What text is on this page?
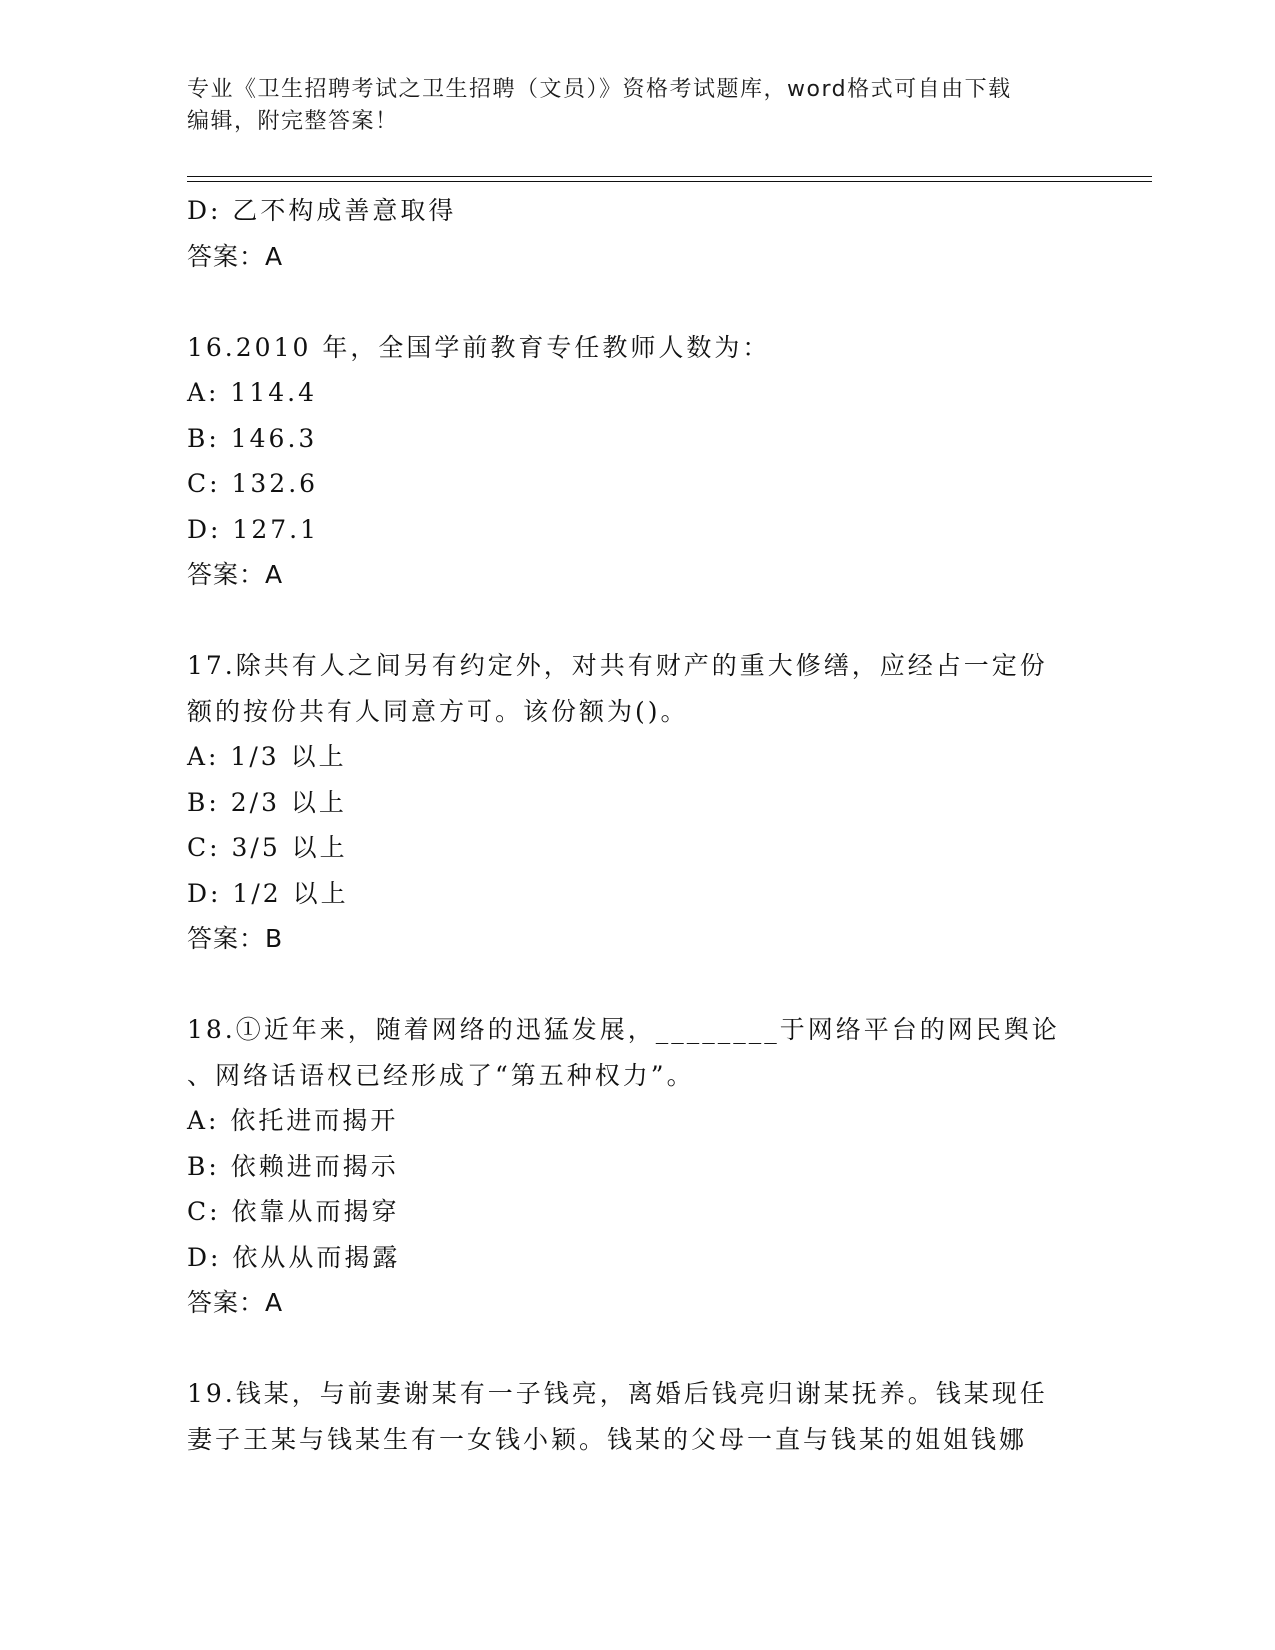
专业《卫生招聘考试之卫生招聘（文员）》资格考试题库，word格式可自由下载
编辑，附完整答案！
D: 乙不构成善意取得
答案：A
16.2010 年，全国学前教育专任教师人数为：
A: 114.4
B: 146.3
C: 132.6
D: 127.1
答案：A
17.除共有人之间另有约定外，对共有财产的重大修缮，应经占一定份
额的按份共有人同意方可。该份额为()。
A: 1/3 以上
B: 2/3 以上
C: 3/5 以上
D: 1/2 以上
答案：B
18.①近年来，随着网络的迅猛发展，________于网络平台的网民舆论
、网络话语权已经形成了“第五种权力”。
A: 依托进而揭开
B: 依赖进而揭示
C: 依靠从而揭穿
D: 依从从而揭露
答案：A
19.钱某，与前妻谢某有一子钱亮，离婚后钱亮归谢某抚养。钱某现任
妻子王某与钱某生有一女钱小颖。钱某的父母一直与钱某的姐姐钱娜
